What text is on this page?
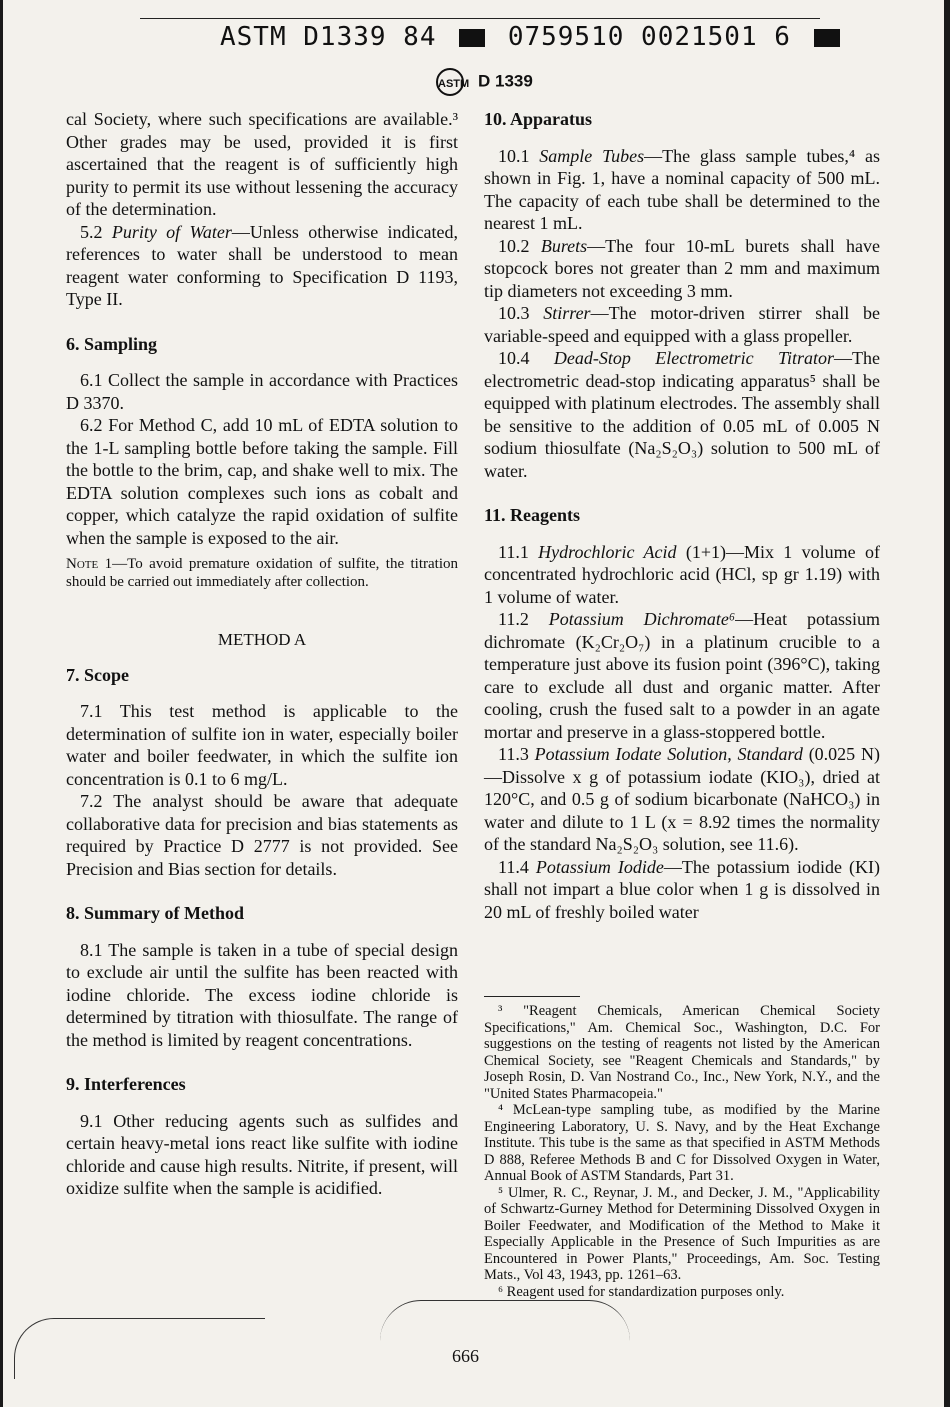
ASTM D1339 84	0759510 0021501 6
ASTM D 1339

cal Society, where such specifications are available.³ Other grades may be used, provided it is first ascertained that the reagent is of sufficiently high purity to permit its use without lessening the accuracy of the determination.

5.2 Purity of Water—Unless otherwise indicated, references to water shall be understood to mean reagent water conforming to Specification D 1193, Type II.

6. Sampling

6.1 Collect the sample in accordance with Practices D 3370.

6.2 For Method C, add 10 mL of EDTA solution to the 1-L sampling bottle before taking the sample. Fill the bottle to the brim, cap, and shake well to mix. The EDTA solution complexes such ions as cobalt and copper, which catalyze the rapid oxidation of sulfite when the sample is exposed to the air.

Note 1—To avoid premature oxidation of sulfite, the titration should be carried out immediately after collection.

METHOD A

7. Scope

7.1 This test method is applicable to the determination of sulfite ion in water, especially boiler water and boiler feedwater, in which the sulfite ion concentration is 0.1 to 6 mg/L.

7.2 The analyst should be aware that adequate collaborative data for precision and bias statements as required by Practice D 2777 is not provided. See Precision and Bias section for details.

8. Summary of Method

8.1 The sample is taken in a tube of special design to exclude air until the sulfite has been reacted with iodine chloride. The excess iodine chloride is determined by titration with thiosulfate. The range of the method is limited by reagent concentrations.

9. Interferences

9.1 Other reducing agents such as sulfides and certain heavy-metal ions react like sulfite with iodine chloride and cause high results. Nitrite, if present, will oxidize sulfite when the sample is acidified.

10. Apparatus

10.1 Sample Tubes—The glass sample tubes,⁴ as shown in Fig. 1, have a nominal capacity of 500 mL. The capacity of each tube shall be determined to the nearest 1 mL.

10.2 Burets—The four 10-mL burets shall have stopcock bores not greater than 2 mm and maximum tip diameters not exceeding 3 mm.

10.3 Stirrer—The motor-driven stirrer shall be variable-speed and equipped with a glass propeller.

10.4 Dead-Stop Electrometric Titrator—The electrometric dead-stop indicating apparatus⁵ shall be equipped with platinum electrodes. The assembly shall be sensitive to the addition of 0.05 mL of 0.005 N sodium thiosulfate (Na₂S₂O₃) solution to 500 mL of water.

11. Reagents

11.1 Hydrochloric Acid (1+1)—Mix 1 volume of concentrated hydrochloric acid (HCl, sp gr 1.19) with 1 volume of water.

11.2 Potassium Dichromate⁶—Heat potassium dichromate (K₂Cr₂O₇) in a platinum crucible to a temperature just above its fusion point (396°C), taking care to exclude all dust and organic matter. After cooling, crush the fused salt to a powder in an agate mortar and preserve in a glass-stoppered bottle.

11.3 Potassium Iodate Solution, Standard (0.025 N)—Dissolve x g of potassium iodate (KIO₃), dried at 120°C, and 0.5 g of sodium bicarbonate (NaHCO₃) in water and dilute to 1 L (x = 8.92 times the normality of the standard Na₂S₂O₃ solution, see 11.6).

11.4 Potassium Iodide—The potassium iodide (KI) shall not impart a blue color when 1 g is dissolved in 20 mL of freshly boiled water

³ "Reagent Chemicals, American Chemical Society Specifications," Am. Chemical Soc., Washington, D.C. For suggestions on the testing of reagents not listed by the American Chemical Society, see "Reagent Chemicals and Standards," by Joseph Rosin, D. Van Nostrand Co., Inc., New York, N.Y., and the "United States Pharmacopeia."

⁴ McLean-type sampling tube, as modified by the Marine Engineering Laboratory, U. S. Navy, and by the Heat Exchange Institute. This tube is the same as that specified in ASTM Methods D 888, Referee Methods B and C for Dissolved Oxygen in Water, Annual Book of ASTM Standards, Part 31.

⁵ Ulmer, R. C., Reynar, J. M., and Decker, J. M., "Applicability of Schwartz-Gurney Method for Determining Dissolved Oxygen in Boiler Feedwater, and Modification of the Method to Make it Especially Applicable in the Presence of Such Impurities as are Encountered in Power Plants," Proceedings, Am. Soc. Testing Mats., Vol 43, 1943, pp. 1261–63.

⁶ Reagent used for standardization purposes only.

666
